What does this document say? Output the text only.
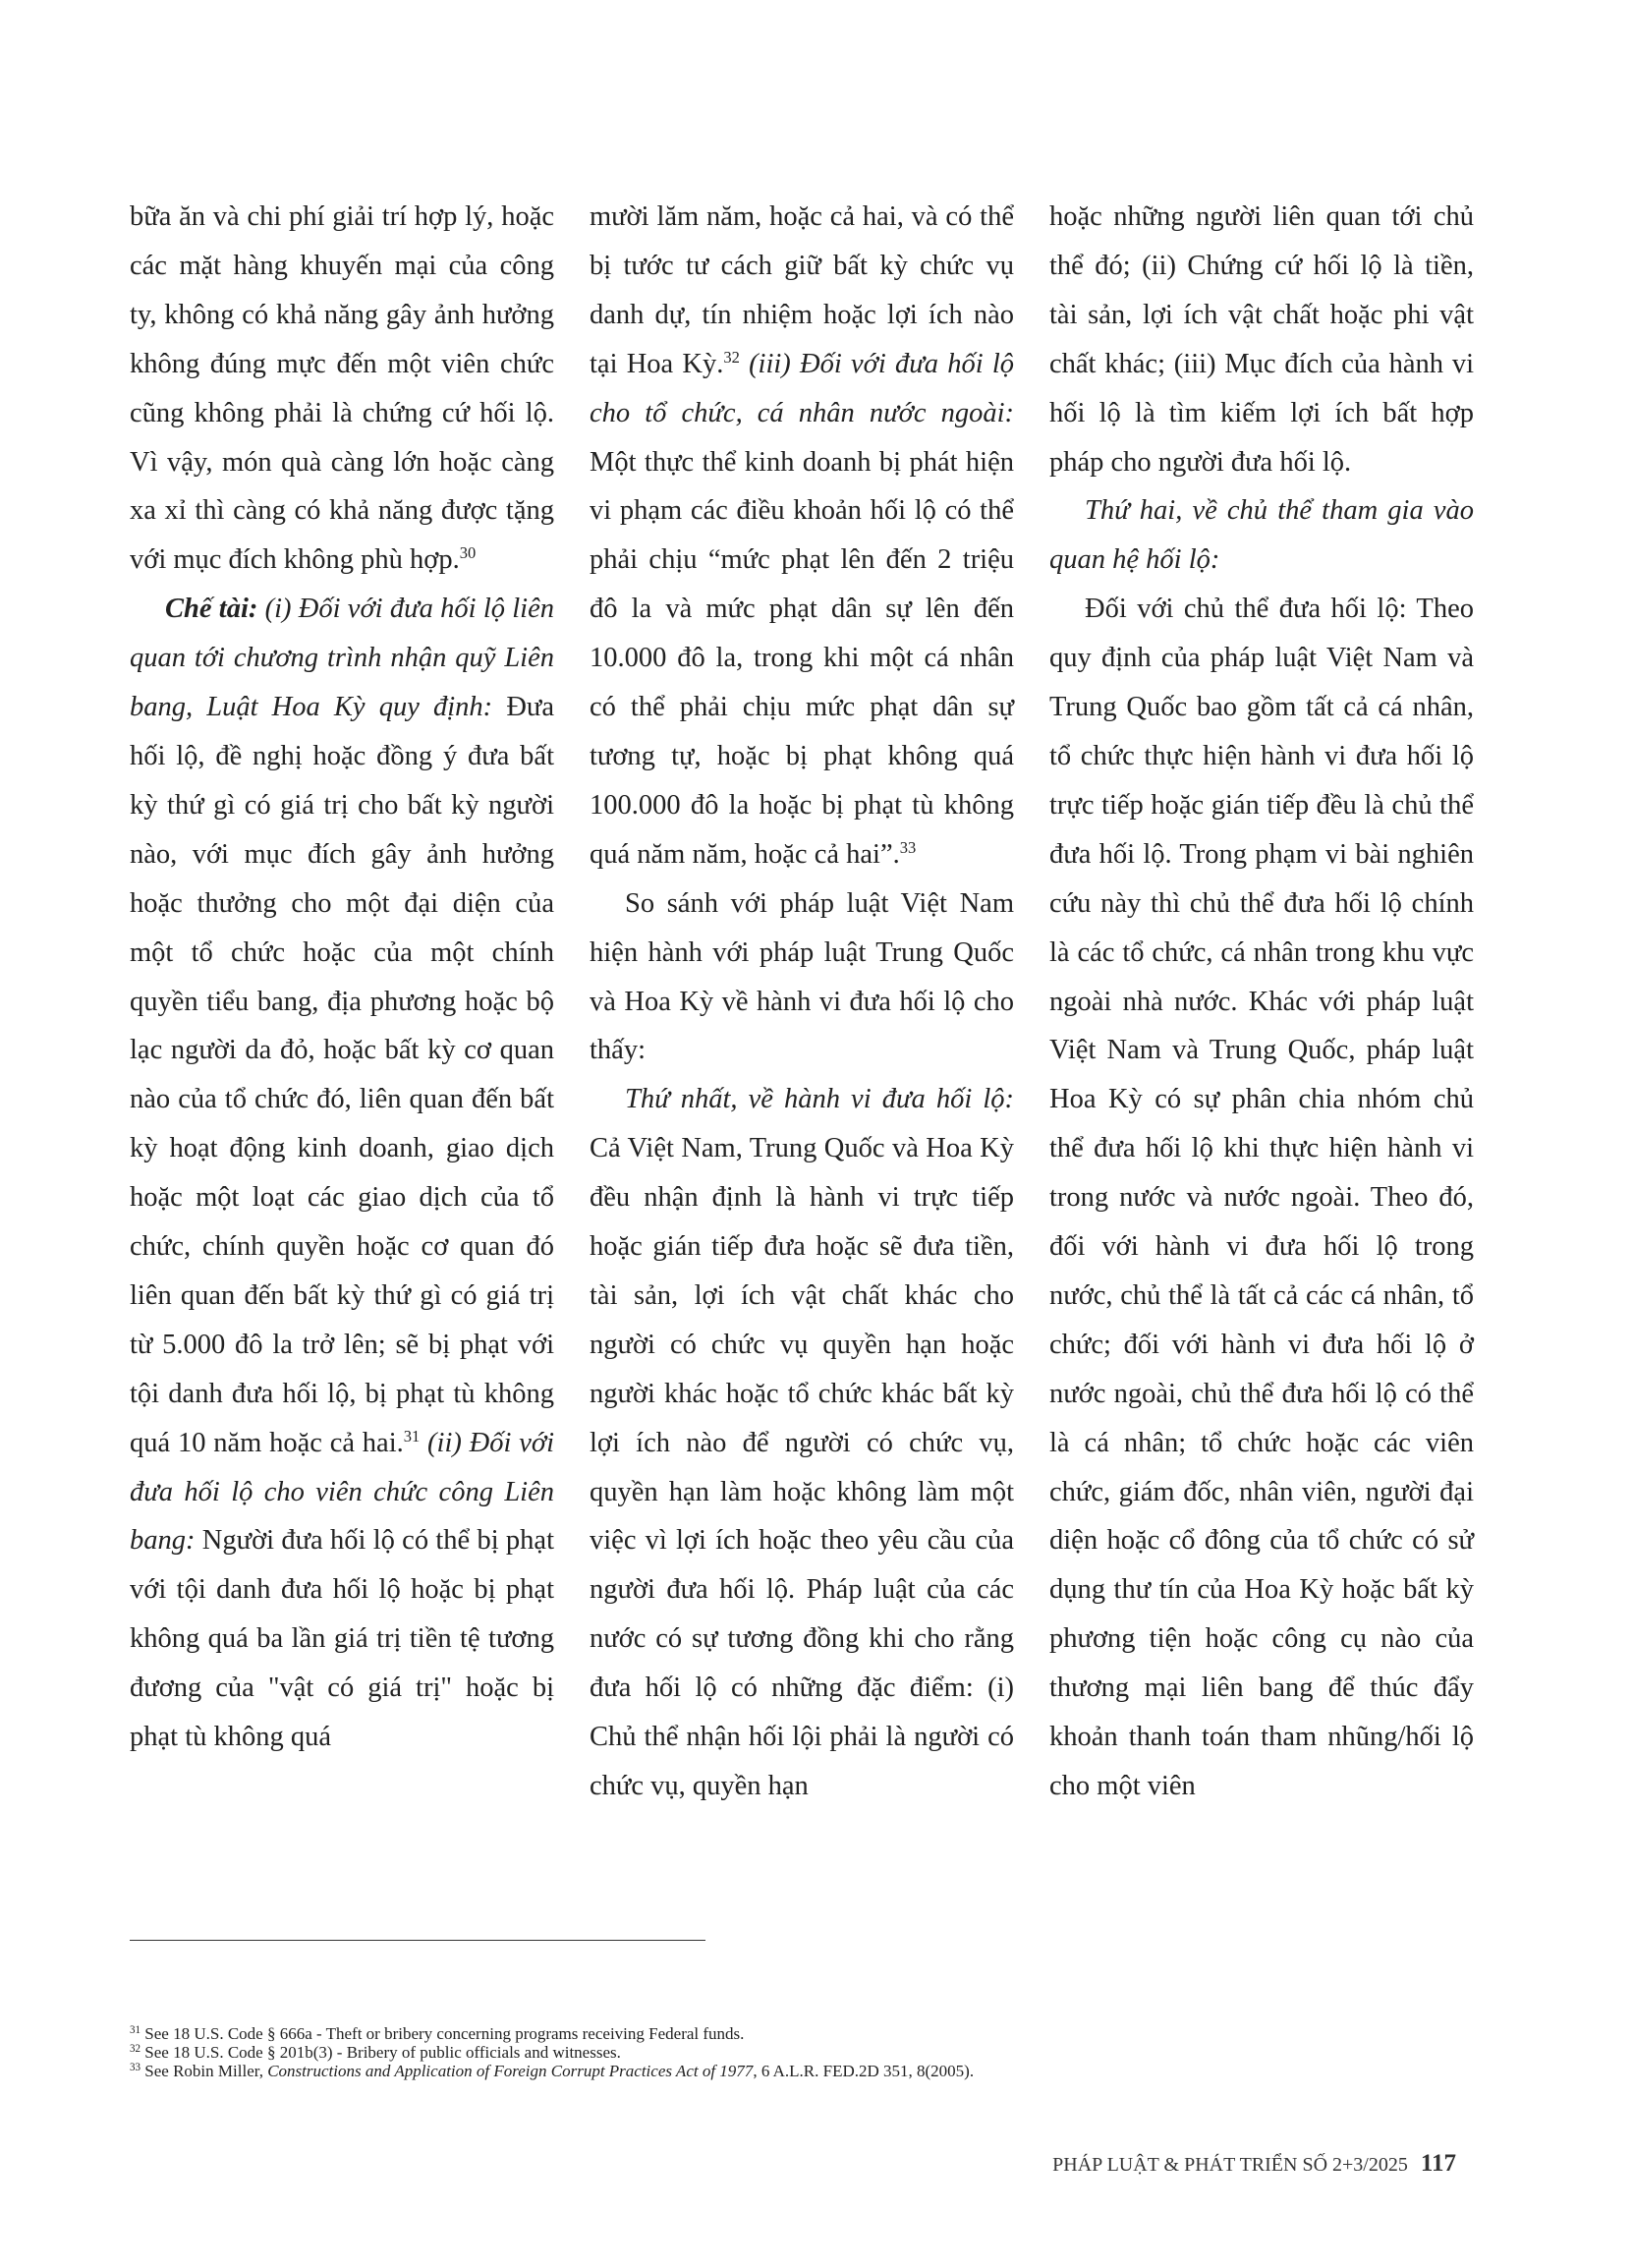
bữa ăn và chi phí giải trí hợp lý, hoặc các mặt hàng khuyến mại của công ty, không có khả năng gây ảnh hưởng không đúng mực đến một viên chức cũng không phải là chứng cứ hối lộ. Vì vậy, món quà càng lớn hoặc càng xa xỉ thì càng có khả năng được tặng với mục đích không phù hợp.$^{30}$

Chế tài: (i) Đối với đưa hối lộ liên quan tới chương trình nhận quỹ Liên bang, Luật Hoa Kỳ quy định: Đưa hối lộ, đề nghị hoặc đồng ý đưa bất kỳ thứ gì có giá trị cho bất kỳ người nào, với mục đích gây ảnh hưởng hoặc thưởng cho một đại diện của một tổ chức hoặc của một chính quyền tiểu bang, địa phương hoặc bộ lạc người da đỏ, hoặc bất kỳ cơ quan nào của tổ chức đó, liên quan đến bất kỳ hoạt động kinh doanh, giao dịch hoặc một loạt các giao dịch của tổ chức, chính quyền hoặc cơ quan đó liên quan đến bất kỳ thứ gì có giá trị từ 5.000 đô la trở lên; sẽ bị phạt với tội danh đưa hối lộ, bị phạt tù không quá 10 năm hoặc cả hai.$^{31}$ (ii) Đối với đưa hối lộ cho viên chức công Liên bang: Người đưa hối lộ có thể bị phạt với tội danh đưa hối lộ hoặc bị phạt không quá ba lần giá trị tiền tệ tương đương của "vật có giá trị" hoặc bị phạt tù không quá

mười lăm năm, hoặc cả hai, và có thể bị tước tư cách giữ bất kỳ chức vụ danh dự, tín nhiệm hoặc lợi ích nào tại Hoa Kỳ.$^{32}$ (iii) Đối với đưa hối lộ cho tổ chức, cá nhân nước ngoài: Một thực thể kinh doanh bị phát hiện vi phạm các điều khoản hối lộ có thể phải chịu “mức phạt lên đến 2 triệu đô la và mức phạt dân sự lên đến 10.000 đô la, trong khi một cá nhân có thể phải chịu mức phạt dân sự tương tự, hoặc bị phạt không quá 100.000 đô la hoặc bị phạt tù không quá năm năm, hoặc cả hai”.$^{33}$

So sánh với pháp luật Việt Nam hiện hành với pháp luật Trung Quốc và Hoa Kỳ về hành vi đưa hối lộ cho thấy:

Thứ nhất, về hành vi đưa hối lộ: Cả Việt Nam, Trung Quốc và Hoa Kỳ đều nhận định là hành vi trực tiếp hoặc gián tiếp đưa hoặc sẽ đưa tiền, tài sản, lợi ích vật chất khác cho người có chức vụ quyền hạn hoặc người khác hoặc tổ chức khác bất kỳ lợi ích nào để người có chức vụ, quyền hạn làm hoặc không làm một việc vì lợi ích hoặc theo yêu cầu của người đưa hối lộ. Pháp luật của các nước có sự tương đồng khi cho rằng đưa hối lộ có những đặc điểm: (i) Chủ thể nhận hối lội phải là người có chức vụ, quyền hạn

hoặc những người liên quan tới chủ thể đó; (ii) Chứng cứ hối lộ là tiền, tài sản, lợi ích vật chất hoặc phi vật chất khác; (iii) Mục đích của hành vi hối lộ là tìm kiếm lợi ích bất hợp pháp cho người đưa hối lộ.

Thứ hai, về chủ thể tham gia vào quan hệ hối lộ:

Đối với chủ thể đưa hối lộ: Theo quy định của pháp luật Việt Nam và Trung Quốc bao gồm tất cả cá nhân, tổ chức thực hiện hành vi đưa hối lộ trực tiếp hoặc gián tiếp đều là chủ thể đưa hối lộ. Trong phạm vi bài nghiên cứu này thì chủ thể đưa hối lộ chính là các tổ chức, cá nhân trong khu vực ngoài nhà nước. Khác với pháp luật Việt Nam và Trung Quốc, pháp luật Hoa Kỳ có sự phân chia nhóm chủ thể đưa hối lộ khi thực hiện hành vi trong nước và nước ngoài. Theo đó, đối với hành vi đưa hối lộ trong nước, chủ thể là tất cả các cá nhân, tổ chức; đối với hành vi đưa hối lộ ở nước ngoài, chủ thể đưa hối lộ có thể là cá nhân; tổ chức hoặc các viên chức, giám đốc, nhân viên, người đại diện hoặc cổ đông của tổ chức có sử dụng thư tín của Hoa Kỳ hoặc bất kỳ phương tiện hoặc công cụ nào của thương mại liên bang để thúc đẩy khoản thanh toán tham nhũng/hối lộ cho một viên

$^{31}$ See 18 U.S. Code § 666a - Theft or bribery concerning programs receiving Federal funds.
$^{32}$ See 18 U.S. Code § 201b(3) - Bribery of public officials and witnesses.
$^{33}$ See Robin Miller, Constructions and Application of Foreign Corrupt Practices Act of 1977, 6 A.L.R. FED.2D 351, 8(2005).
PHÁP LUẬT & PHÁT TRIỂN SỐ 2+3/2025 117
